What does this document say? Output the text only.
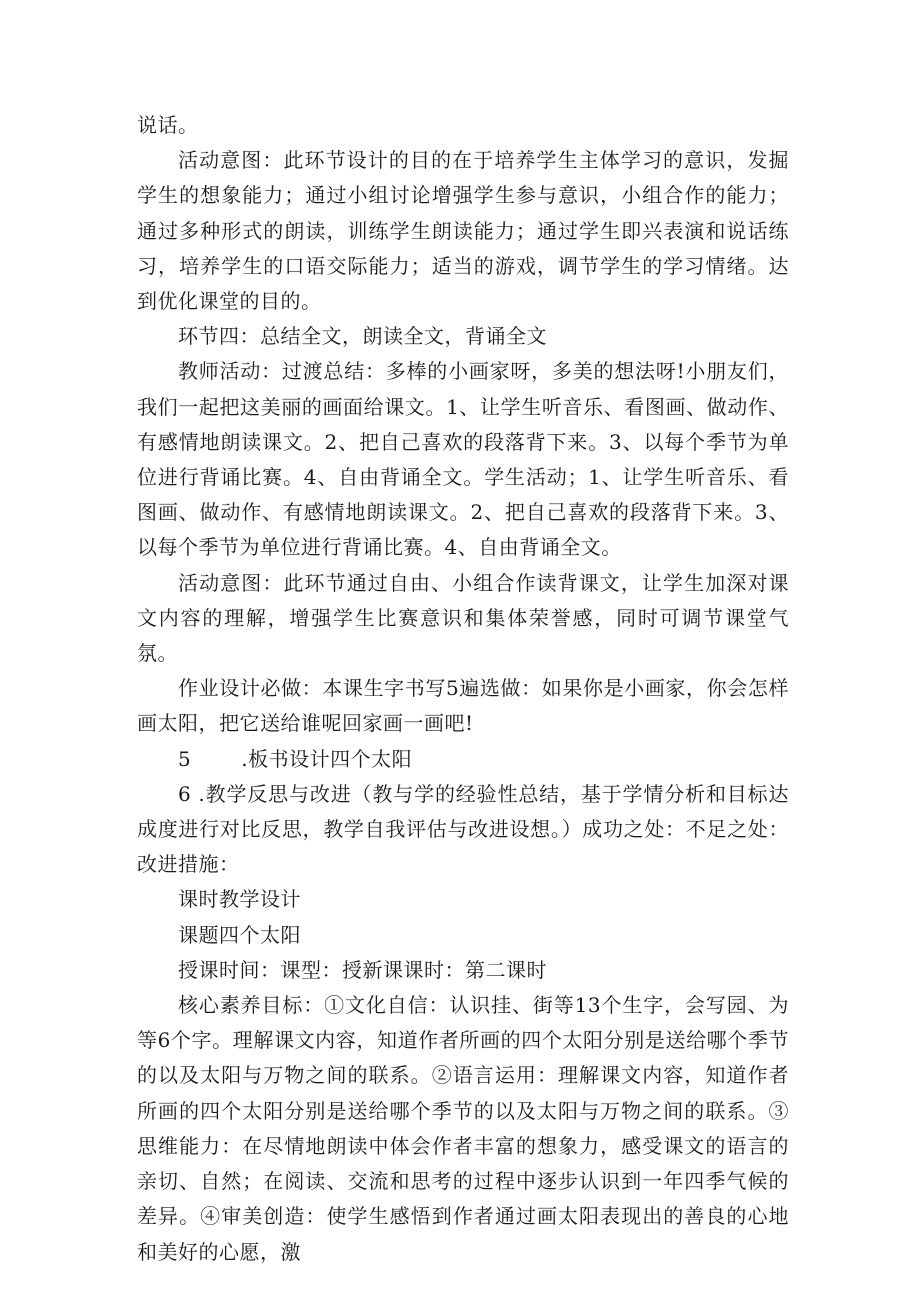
说话。

活动意图：此环节设计的目的在于培养学生主体学习的意识，发掘学生的想象能力；通过小组讨论增强学生参与意识，小组合作的能力；通过多种形式的朗读，训练学生朗读能力；通过学生即兴表演和说话练习，培养学生的口语交际能力；适当的游戏，调节学生的学习情绪。达到优化课堂的目的。

环节四：总结全文，朗读全文，背诵全文

教师活动：过渡总结：多棒的小画家呀，多美的想法呀!小朋友们，我们一起把这美丽的画面给课文。1、让学生听音乐、看图画、做动作、有感情地朗读课文。2、把自己喜欢的段落背下来。3、以每个季节为单位进行背诵比赛。4、自由背诵全文。学生活动；1、让学生听音乐、看图画、做动作、有感情地朗读课文。2、把自己喜欢的段落背下来。3、以每个季节为单位进行背诵比赛。4、自由背诵全文。

活动意图：此环节通过自由、小组合作读背课文，让学生加深对课文内容的理解，增强学生比赛意识和集体荣誉感，同时可调节课堂气氛。

作业设计必做：本课生字书写5遍选做：如果你是小画家，你会怎样画太阳，把它送给谁呢回家画一画吧!

5	.板书设计四个太阳

6 .教学反思与改进（教与学的经验性总结，基于学情分析和目标达成度进行对比反思，教学自我评估与改进设想。）成功之处：不足之处：改进措施：

课时教学设计

课题四个太阳

授课时间：课型：授新课课时：第二课时

核心素养目标：①文化自信：认识挂、街等13个生字，会写园、为等6个字。理解课文内容，知道作者所画的四个太阳分别是送给哪个季节的以及太阳与万物之间的联系。②语言运用：理解课文内容，知道作者所画的四个太阳分别是送给哪个季节的以及太阳与万物之间的联系。③思维能力：在尽情地朗读中体会作者丰富的想象力，感受课文的语言的亲切、自然；在阅读、交流和思考的过程中逐步认识到一年四季气候的差异。④审美创造：使学生感悟到作者通过画太阳表现出的善良的心地和美好的心愿，激
